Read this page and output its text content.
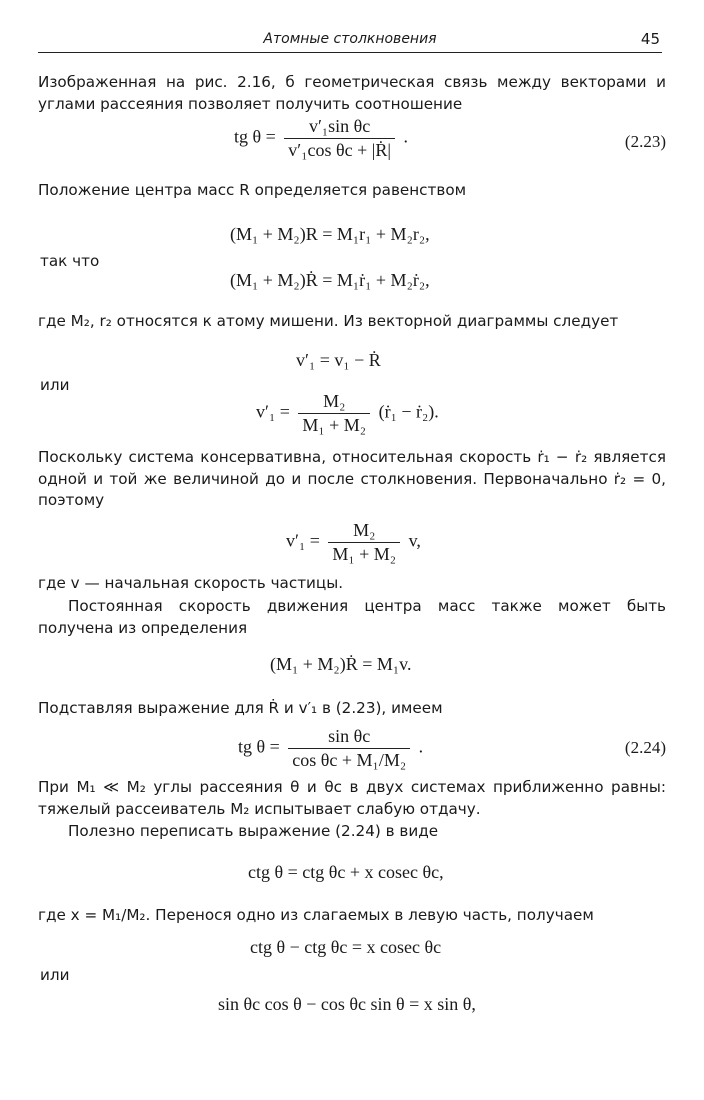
Атомные столкновения	45

Изображенная на рис. 2.16, б геометрическая связь между векторами и углами рассеяния позволяет получить соотношение

tg $\theta = \frac{\text{v′₁sin θc}}{\text{v′₁cos θc + |Ṙ|}}$ .	(2.23)

Положение центра масс R определяется равенством

(M₁ + M₂)R = M₁r₁ + M₂r₂,
так что
(M₁ + M₂)Ṙ = M₁ṙ₁ + M₂ṙ₂,

где M₂, r₂ относятся к атому мишени. Из векторной диаграммы следует

v′₁ = v₁ − Ṙ
или
$v'_1 = \frac{\text{M₂}}{\text{M₁ + M₂}}$ (ṙ₁ − ṙ₂).

Поскольку система консервативна, относительная скорость ṙ₁ − ṙ₂ является одной и той же величиной до и после столкновения. Первоначально ṙ₂ = 0, поэтому

$v'_1 = \frac{\text{M₂}}{\text{M₁ + M₂}} v$,

где v — начальная скорость частицы.

Постоянная скорость движения центра масс также может быть получена из определения

(M₁ + M₂)Ṙ = M₁v.

Подставляя выражение для Ṙ и v′₁ в (2.23), имеем

tg $\theta = \frac{\text{sin θc}}{\text{cos θc + M₁/M₂}}$ .	(2.24)

При M₁ ≪ M₂ углы рассеяния θ и θc в двух системах приближенно равны: тяжелый рассеиватель M₂ испытывает слабую отдачу.

Полезно переписать выражение (2.24) в виде

ctg θ = ctg θc + x cosec θc,

где x = M₁/M₂. Перенося одно из слагаемых в левую часть, получаем

ctg θ − ctg θc = x cosec θc
или
sin θc cos θ − cos θc sin θ = x sin θ,
